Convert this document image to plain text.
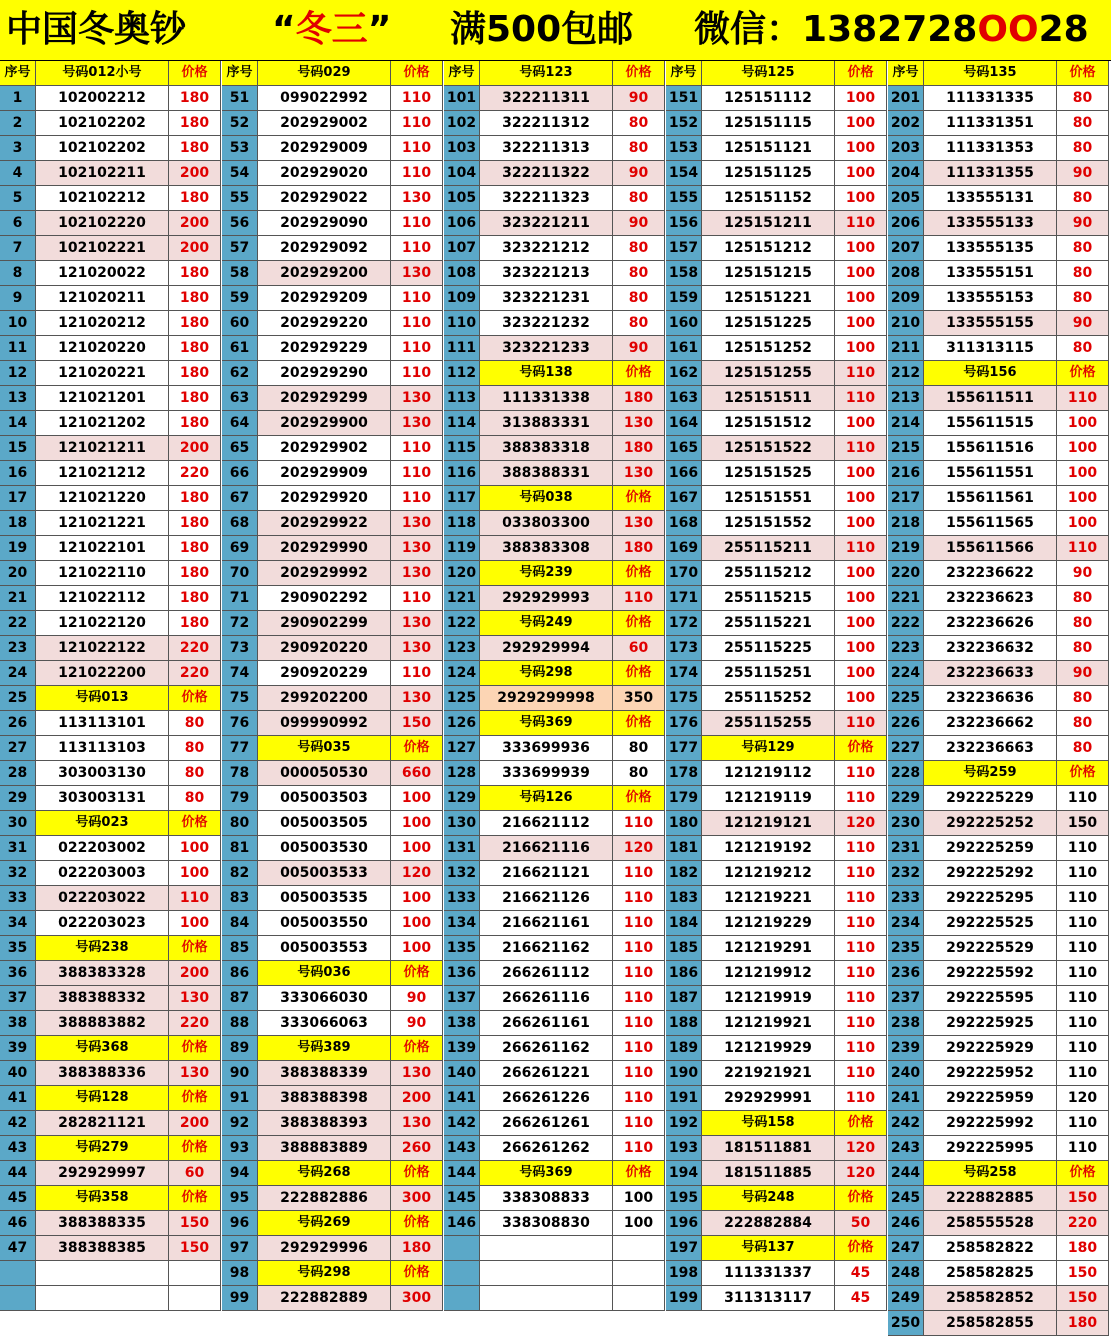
中国冬奥钞 “冬三” 满500包邮 微信：1382728OO28
序号	号码012小号	价格
1	102002212	180
2	102102202	180
3	102102202	180
4	102102211	200
5	102102212	180
6	102102220	200
7	102102221	200
8	121020022	180
9	121020211	180
10	121020212	180
11	121020220	180
12	121020221	180
13	121021201	180
14	121021202	180
15	121021211	200
16	121021212	220
17	121021220	180
18	121021221	180
19	121022101	180
20	121022110	180
21	121022112	180
22	121022120	180
23	121022122	220
24	121022200	220
25	号码013	价格
26	113113101	80
27	113113103	80
28	303003130	80
29	303003131	80
30	号码023	价格
31	022203002	100
32	022203003	100
33	022203022	110
34	022203023	100
35	号码238	价格
36	388383328	200
37	388388332	130
38	388883882	220
39	号码368	价格
40	388388336	130
41	号码128	价格
42	282821121	200
43	号码279	价格
44	292929997	60
45	号码358	价格
46	388388335	150
47	388388385	150
序号	号码029	价格
51	099022992	110
52	202929002	110
53	202929009	110
54	202929020	110
55	202929022	130
56	202929090	110
57	202929092	110
58	202929200	130
59	202929209	110
60	202929220	110
61	202929229	110
62	202929290	110
63	202929299	130
64	202929900	130
65	202929902	110
66	202929909	110
67	202929920	110
68	202929922	130
69	202929990	130
70	202929992	130
71	290902292	110
72	290902299	130
73	290920220	130
74	290920229	110
75	299202200	130
76	099990992	150
77	号码035	价格
78	000050530	660
79	005003503	100
80	005003505	100
81	005003530	100
82	005003533	120
83	005003535	100
84	005003550	100
85	005003553	100
86	号码036	价格
87	333066030	90
88	333066063	90
89	号码389	价格
90	388388339	130
91	388388398	200
92	388388393	130
93	388883889	260
94	号码268	价格
95	222882886	300
96	号码269	价格
97	292929996	180
98	号码298	价格
99	222882889	300
序号	号码123	价格
101	322211311	90
102	322211312	80
103	322211313	80
104	322211322	90
105	322211323	80
106	323221211	90
107	323221212	80
108	323221213	80
109	323221231	80
110	323221232	80
111	323221233	90
112	号码138	价格
113	111331338	180
114	313883331	130
115	388383318	180
116	388388331	130
117	号码038	价格
118	033803300	130
119	388383308	180
120	号码239	价格
121	292929993	110
122	号码249	价格
123	292929994	60
124	号码298	价格
125	2929299998	350
126	号码369	价格
127	333699936	80
128	333699939	80
129	号码126	价格
130	216621112	110
131	216621116	120
132	216621121	110
133	216621126	110
134	216621161	110
135	216621162	110
136	266261112	110
137	266261116	110
138	266261161	110
139	266261162	110
140	266261221	110
141	266261226	110
142	266261261	110
143	266261262	110
144	号码369	价格
145	338308833	100
146	338308830	100
序号	号码125	价格
151	125151112	100
152	125151115	100
153	125151121	100
154	125151125	100
155	125151152	100
156	125151211	110
157	125151212	100
158	125151215	100
159	125151221	100
160	125151225	100
161	125151252	100
162	125151255	110
163	125151511	110
164	125151512	100
165	125151522	110
166	125151525	100
167	125151551	100
168	125151552	100
169	255115211	110
170	255115212	100
171	255115215	100
172	255115221	100
173	255115225	100
174	255115251	100
175	255115252	100
176	255115255	110
177	号码129	价格
178	121219112	110
179	121219119	110
180	121219121	120
181	121219192	110
182	121219212	110
183	121219221	110
184	121219229	110
185	121219291	110
186	121219912	110
187	121219919	110
188	121219921	110
189	121219929	110
190	221921921	110
191	292929991	110
192	号码158	价格
193	181511881	120
194	181511885	120
195	号码248	价格
196	222882884	50
197	号码137	价格
198	111331337	45
199	311313117	45
序号	号码135	价格
201	111331335	80
202	111331351	80
203	111331353	80
204	111331355	90
205	133555131	80
206	133555133	90
207	133555135	80
208	133555151	80
209	133555153	80
210	133555155	90
211	311313115	80
212	号码156	价格
213	155611511	110
214	155611515	100
215	155611516	100
216	155611551	100
217	155611561	100
218	155611565	100
219	155611566	110
220	232236622	90
221	232236623	80
222	232236626	80
223	232236632	80
224	232236633	90
225	232236636	80
226	232236662	80
227	232236663	80
228	号码259	价格
229	292225229	110
230	292225252	150
231	292225259	110
232	292225292	110
233	292225295	110
234	292225525	110
235	292225529	110
236	292225592	110
237	292225595	110
238	292225925	110
239	292225929	110
240	292225952	110
241	292225959	120
242	292225992	110
243	292225995	110
244	号码258	价格
245	222882885	150
246	258555528	220
247	258582822	180
248	258582825	150
249	258582852	150
250	258582855	180
